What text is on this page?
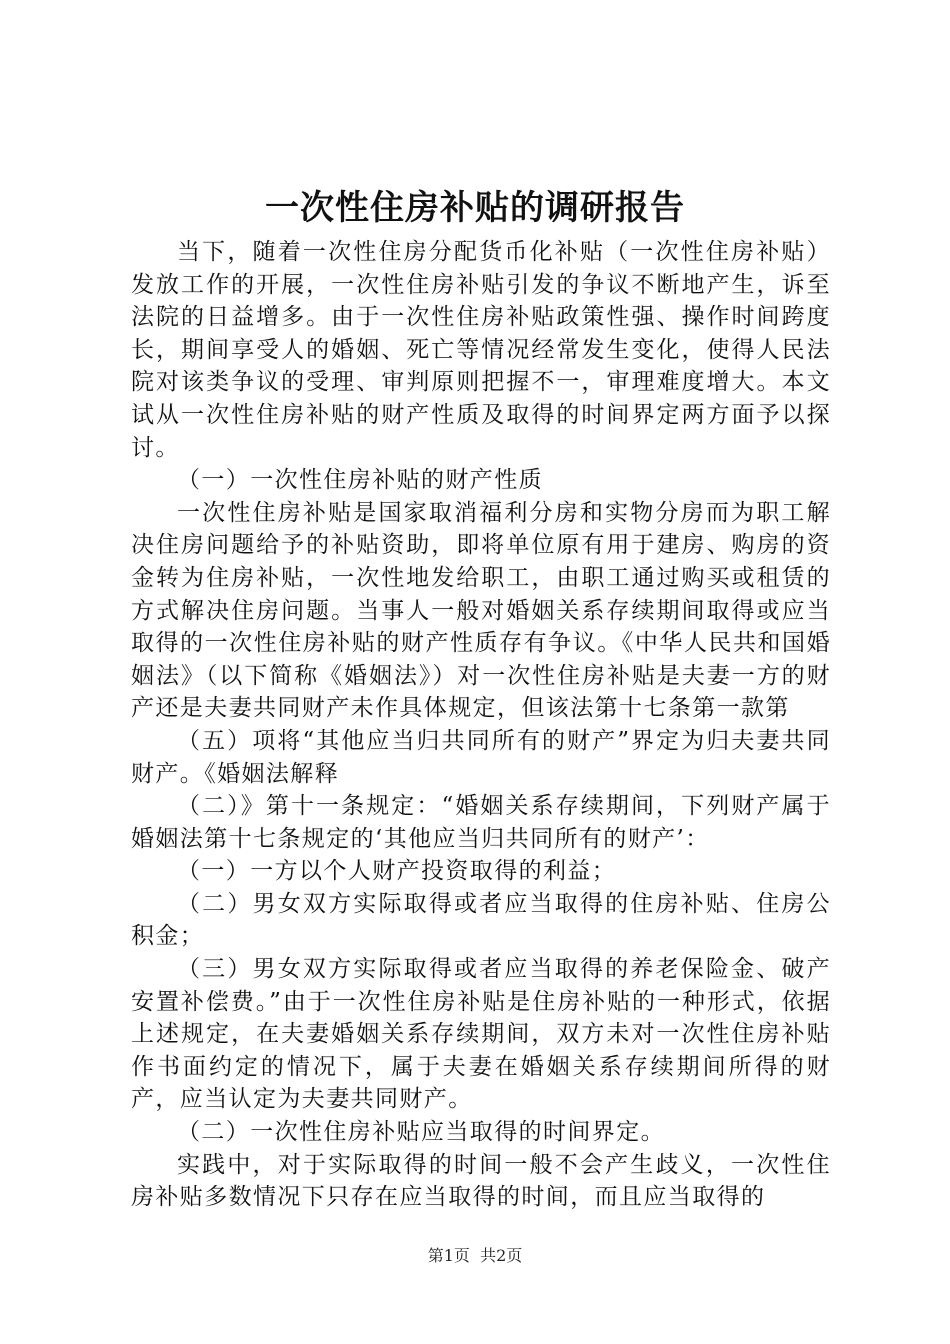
一次性住房补贴的调研报告

当下，随着一次性住房分配货币化补贴（一次性住房补贴）发放工作的开展，一次性住房补贴引发的争议不断地产生，诉至法院的日益增多。由于一次性住房补贴政策性强、操作时间跨度长，期间享受人的婚姻、死亡等情况经常发生变化，使得人民法院对该类争议的受理、审判原则把握不一，审理难度增大。本文试从一次性住房补贴的财产性质及取得的时间界定两方面予以探讨。

（一）一次性住房补贴的财产性质

一次性住房补贴是国家取消福利分房和实物分房而为职工解决住房问题给予的补贴资助，即将单位原有用于建房、购房的资金转为住房补贴，一次性地发给职工，由职工通过购买或租赁的方式解决住房问题。当事人一般对婚姻关系存续期间取得或应当取得的一次性住房补贴的财产性质存有争议。《中华人民共和国婚姻法》（以下简称《婚姻法》）对一次性住房补贴是夫妻一方的财产还是夫妻共同财产未作具体规定，但该法第十七条第一款第

（五）项将“其他应当归共同所有的财产”界定为归夫妻共同财产。《婚姻法解释

（二）》第十一条规定：“婚姻关系存续期间，下列财产属于婚姻法第十七条规定的‘其他应当归共同所有的财产’：

（一）一方以个人财产投资取得的利益；

（二）男女双方实际取得或者应当取得的住房补贴、住房公积金；

（三）男女双方实际取得或者应当取得的养老保险金、破产安置补偿费。”由于一次性住房补贴是住房补贴的一种形式，依据上述规定，在夫妻婚姻关系存续期间，双方未对一次性住房补贴作书面约定的情况下，属于夫妻在婚姻关系存续期间所得的财产，应当认定为夫妻共同财产。

（二）一次性住房补贴应当取得的时间界定。

实践中，对于实际取得的时间一般不会产生歧义，一次性住房补贴多数情况下只存在应当取得的时间，而且应当取得的

第1页 共2页
